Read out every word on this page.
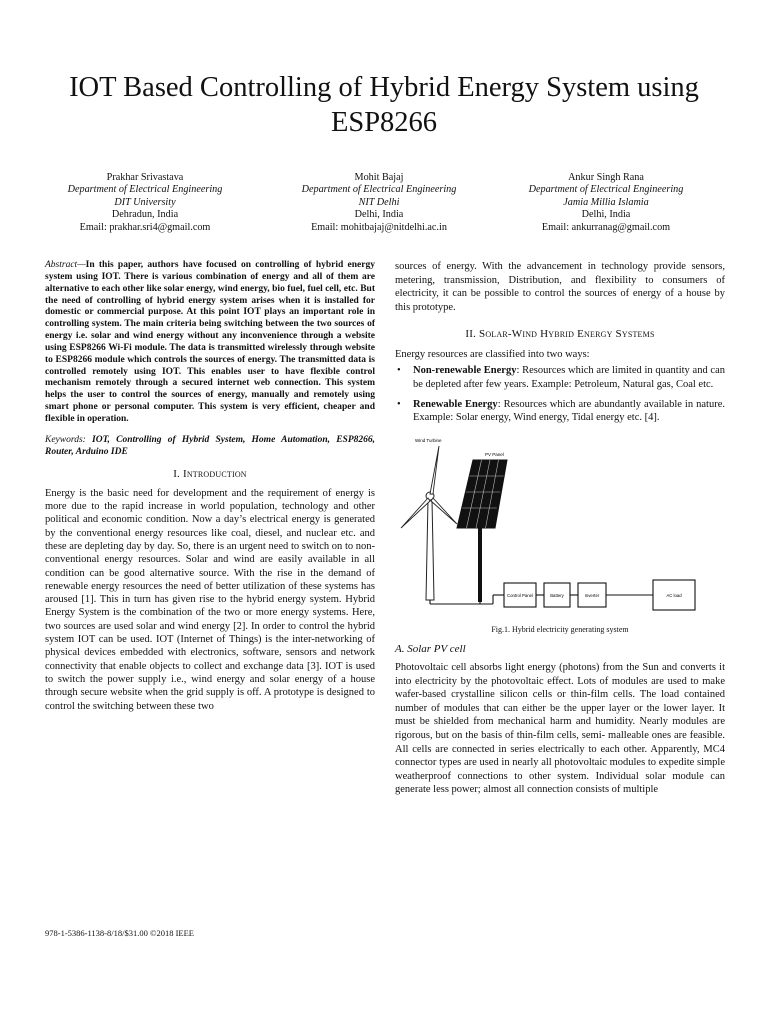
IOT Based Controlling of Hybrid Energy System using ESP8266
Prakhar Srivastava
Department of Electrical Engineering
DIT University
Dehradun, India
Email: prakhar.sri4@gmail.com
Mohit Bajaj
Department of Electrical Engineering
NIT Delhi
Delhi, India
Email: mohitbajaj@nitdelhi.ac.in
Ankur Singh Rana
Department of Electrical Engineering
Jamia Millia Islamia
Delhi, India
Email: ankurranag@gmail.com

Abstract—In this paper, authors have focused on controlling of hybrid energy system using IOT. There is various combination of energy and all of them are alternative to each other like solar energy, wind energy, bio fuel, fuel cell, etc. But the need of controlling of hybrid energy system arises when it is installed for domestic or commercial purpose. At this point IOT plays an important role in controlling system. The main criteria being switching between the two sources of energy i.e. solar and wind energy without any inconvenience through a website using ESP8266 Wi-Fi module. The data is transmitted wirelessly through website to ESP8266 module which controls the sources of energy. The transmitted data is controlled remotely using IOT. This enables user to have flexible control mechanism remotely through a secured internet web connection. This system helps the user to control the sources of energy, manually and remotely using smart phone or personal computer. This system is very efficient, cheaper and flexible in operation.

Keywords: IOT, Controlling of Hybrid System, Home Automation, ESP8266, Router, Arduino IDE

I. Introduction

Energy is the basic need for development and the requirement of energy is more due to the rapid increase in world population, technology and other political and economic condition. Now a day’s electrical energy is generated by the conventional energy resources like coal, diesel, and nuclear etc. and these are depleting day by day. So, there is an urgent need to switch on to non-conventional energy resources. Solar and wind are easily available in all condition can be good alternative source. With the rise in the demand of renewable energy resources the need of better utilization of these systems has aroused [1]. This in turn has given rise to the hybrid energy system. Hybrid Energy System is the combination of the two or more energy systems. Here, two sources are used solar and wind energy [2]. In order to control the hybrid system IOT can be used. IOT (Internet of Things) is the inter-networking of physical devices embedded with electronics, software, sensors and network connectivity that enable objects to collect and exchange data [3]. IOT is used to switch the power supply i.e., wind energy and solar energy of a house through secure website when the grid supply is off. A prototype is designed to control the switching between these two

sources of energy. With the advancement in technology provide sensors, metering, transmission, Distribution, and flexibility to consumers of electricity, it can be possible to control the sources of energy of a house by this prototype.

II. Solar-Wind Hybrid Energy Systems

Energy resources are classified into two ways:

• Non-renewable Energy: Resources which are limited in quantity and can be depleted after few years. Example: Petroleum, Natural gas, Coal etc.
• Renewable Energy: Resources which are abundantly available in nature. Example: Solar energy, Wind energy, Tidal energy etc. [4].
Wind Turbine
PV Panel
Control Panel	Battery	Inverter	AC load
Fig.1. Hybrid electricity generating system
A. Solar PV cell

Photovoltaic cell absorbs light energy (photons) from the Sun and converts it into electricity by the photovoltaic effect. Lots of modules are used to make wafer-based crystalline silicon cells or thin-film cells. The load contained number of modules that can either be the upper layer or the lower layer. It must be shielded from mechanical harm and humidity. Nearly modules are rigorous, but on the basis of thin-film cells, semi- malleable ones are feasible. All cells are connected in series electrically to each other. Apparently, MC4 connector types are used in nearly all photovoltaic modules to expedite simple weatherproof connections to other system. Individual solar module can generate less power; almost all connection consists of multiple

978-1-5386-1138-8/18/$31.00 ©2018 IEEE
